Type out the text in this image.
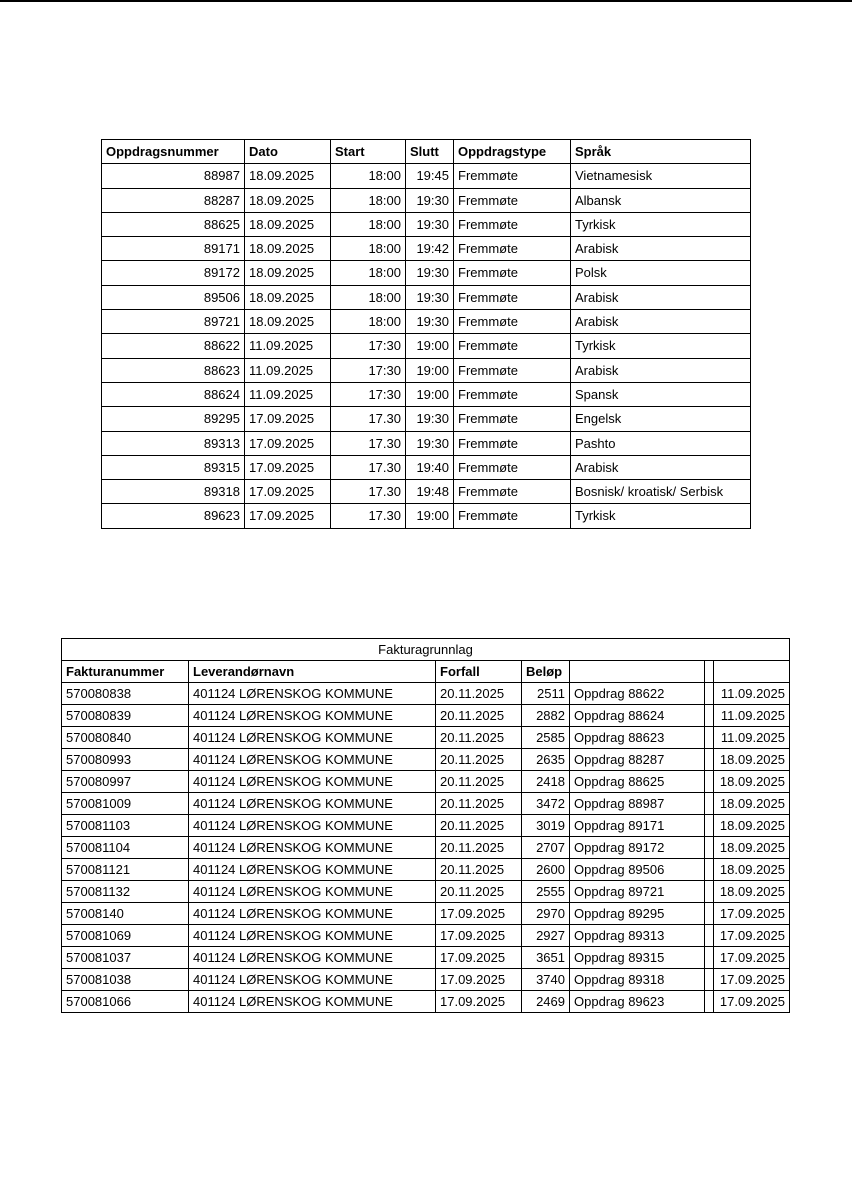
Oppdragsnummer	Dato	Start	Slutt	Oppdragstype	Språk
88987	18.09.2025	18:00	19:45	Fremmøte	Vietnamesisk
88287	18.09.2025	18:00	19:30	Fremmøte	Albansk
88625	18.09.2025	18:00	19:30	Fremmøte	Tyrkisk
89171	18.09.2025	18:00	19:42	Fremmøte	Arabisk
89172	18.09.2025	18:00	19:30	Fremmøte	Polsk
89506	18.09.2025	18:00	19:30	Fremmøte	Arabisk
89721	18.09.2025	18:00	19:30	Fremmøte	Arabisk
88622	11.09.2025	17:30	19:00	Fremmøte	Tyrkisk
88623	11.09.2025	17:30	19:00	Fremmøte	Arabisk
88624	11.09.2025	17:30	19:00	Fremmøte	Spansk
89295	17.09.2025	17.30	19:30	Fremmøte	Engelsk
89313	17.09.2025	17.30	19:30	Fremmøte	Pashto
89315	17.09.2025	17.30	19:40	Fremmøte	Arabisk
89318	17.09.2025	17.30	19:48	Fremmøte	Bosnisk/ kroatisk/ Serbisk
89623	17.09.2025	17.30	19:00	Fremmøte	Tyrkisk
Fakturagrunnlag						
Fakturanummer	Leverandørnavn	Forfall	Beløp			
570080838	401124 LØRENSKOG KOMMUNE	20.11.2025	2511	Oppdrag 88622		11.09.2025
570080839	401124 LØRENSKOG KOMMUNE	20.11.2025	2882	Oppdrag 88624		11.09.2025
570080840	401124 LØRENSKOG KOMMUNE	20.11.2025	2585	Oppdrag 88623		11.09.2025
570080993	401124 LØRENSKOG KOMMUNE	20.11.2025	2635	Oppdrag 88287		18.09.2025
570080997	401124 LØRENSKOG KOMMUNE	20.11.2025	2418	Oppdrag 88625		18.09.2025
570081009	401124 LØRENSKOG KOMMUNE	20.11.2025	3472	Oppdrag 88987		18.09.2025
570081103	401124 LØRENSKOG KOMMUNE	20.11.2025	3019	Oppdrag 89171		18.09.2025
570081104	401124 LØRENSKOG KOMMUNE	20.11.2025	2707	Oppdrag 89172		18.09.2025
570081121	401124 LØRENSKOG KOMMUNE	20.11.2025	2600	Oppdrag 89506		18.09.2025
570081132	401124 LØRENSKOG KOMMUNE	20.11.2025	2555	Oppdrag 89721		18.09.2025
57008140	401124 LØRENSKOG KOMMUNE	17.09.2025	2970	Oppdrag 89295		17.09.2025
570081069	401124 LØRENSKOG KOMMUNE	17.09.2025	2927	Oppdrag 89313		17.09.2025
570081037	401124 LØRENSKOG KOMMUNE	17.09.2025	3651	Oppdrag 89315		17.09.2025
570081038	401124 LØRENSKOG KOMMUNE	17.09.2025	3740	Oppdrag 89318		17.09.2025
570081066	401124 LØRENSKOG KOMMUNE	17.09.2025	2469	Oppdrag 89623		17.09.2025
